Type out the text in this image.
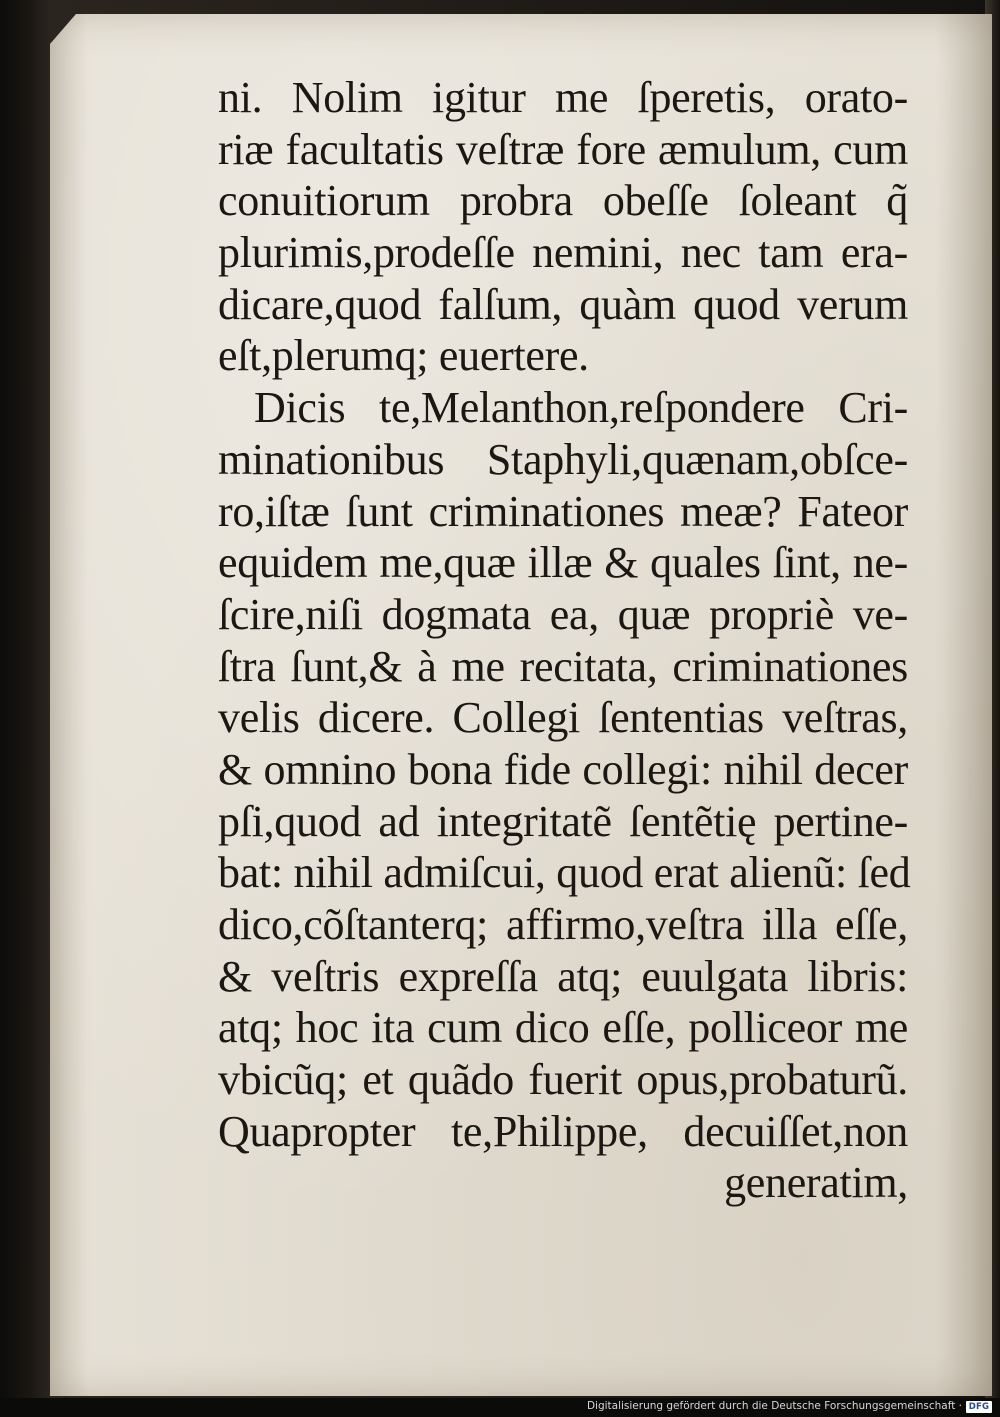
ni. Nolim igitur me ſperetis, orato-
riæ facultatis veſtræ fore æmulum, cum
conuitiorum probra obeſſe ſoleant q̃
plurimis,prodeſſe nemini, nec tam era-
dicare,quod falſum, quàm quod verum
eſt,plerumq; euertere.
Dicis te,Melanthon,reſpondere Cri-
minationibus Staphyli,quænam,obſce-
ro,iſtæ ſunt criminationes meæ? Fateor
equidem me,quæ illæ & quales ſint, ne-
ſcire,niſi dogmata ea, quæ propriè ve-
ſtra ſunt,& à me recitata, criminationes
velis dicere. Collegi ſententias veſtras,
& omnino bona fide collegi: nihil decer
pſi,quod ad integritatẽ ſentẽtię pertine-
bat: nihil admiſcui, quod erat alienũ: ſed
dico,cõſtanterq; affirmo,veſtra illa eſſe,
& veſtris expreſſa atq; euulgata libris:
atq; hoc ita cum dico eſſe, polliceor me
vbicũq; et quãdo fuerit opus,probaturũ.
Quapropter te,Philippe, decuiſſet,non
generatim,
Digitalisierung gefördert durch die Deutsche Forschungsgemeinschaft · DFG
